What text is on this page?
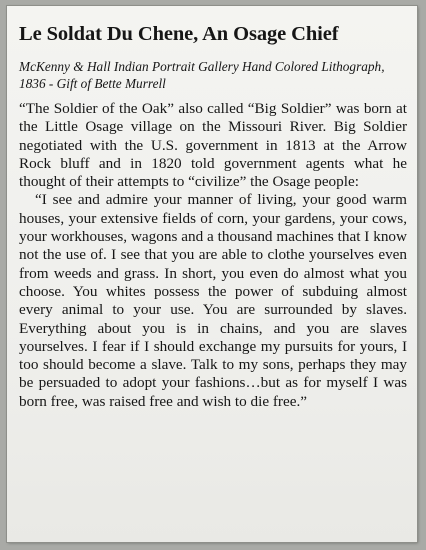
Le Soldat Du Chene, An Osage Chief

McKenny & Hall Indian Portrait Gallery Hand Colored Lithograph, 1836 - Gift of Bette Murrell

“The Soldier of the Oak” also called “Big Soldier” was born at the Little Osage village on the Missouri River. Big Soldier negotiated with the U.S. government in 1813 at the Arrow Rock bluff and in 1820 told government agents what he thought of their attempts to “civilize” the Osage people:

“I see and admire your manner of living, your good warm houses, your extensive fields of corn, your gardens, your cows, your workhouses, wagons and a thousand machines that I know not the use of. I see that you are able to clothe yourselves even from weeds and grass. In short, you even do almost what you choose. You whites possess the power of subduing almost every animal to your use. You are surrounded by slaves. Everything about you is in chains, and you are slaves yourselves. I fear if I should exchange my pursuits for yours, I too should become a slave. Talk to my sons, perhaps they may be persuaded to adopt your fashions…but as for myself I was born free, was raised free and wish to die free.”
